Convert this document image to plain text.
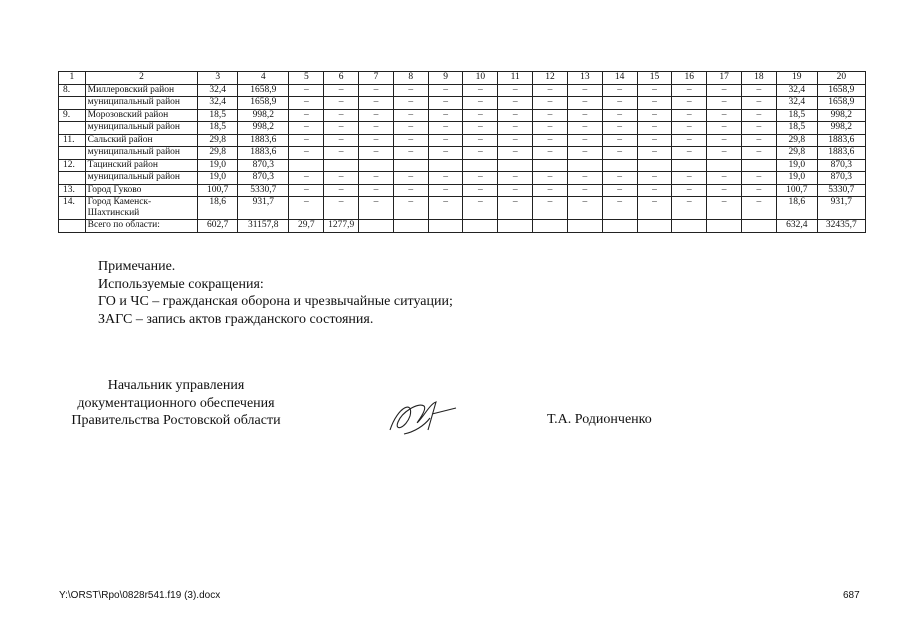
1	2	3	4	5	6	7	8	9	10	11	12	13	14	15	16	17	18	19	20
8.	Миллеровский район	32,4	1658,9	–	–	–	–	–	–	–	–	–	–	–	–	–	–	32,4	1658,9
	муниципальный район	32,4	1658,9	–	–	–	–	–	–	–	–	–	–	–	–	–	–	32,4	1658,9
9.	Морозовский район	18,5	998,2	–	–	–	–	–	–	–	–	–	–	–	–	–	–	18,5	998,2
	муниципальный район	18,5	998,2	–	–	–	–	–	–	–	–	–	–	–	–	–	–	18,5	998,2
11.	Сальский район	29,8	1883,6	–	–	–	–	–	–	–	–	–	–	–	–	–	–	29,8	1883,6
	муниципальный район	29,8	1883,6	–	–	–	–	–	–	–	–	–	–	–	–	–	–	29,8	1883,6
12.	Тацинский район	19,0	870,3															19,0	870,3
	муниципальный район	19,0	870,3	–	–	–	–	–	–	–	–	–	–	–	–	–	–	19,0	870,3
13.	Город Гуково	100,7	5330,7	–	–	–	–	–	–	–	–	–	–	–	–	–	–	100,7	5330,7
14.	Город Каменск-Шахтинский	18,6	931,7	–	–	–	–	–	–	–	–	–	–	–	–	–	–	18,6	931,7
	Всего по области:	602,7	31157,8	29,7	1277,9													632,4	32435,7
Примечание.
Используемые сокращения:
ГО и ЧС – гражданская оборона и чрезвычайные ситуации;
ЗАГС – запись актов гражданского состояния.
Начальник управления
документационного обеспечения
Правительства Ростовской области	Т.А. Родионченко
Y:\ORST\Rpo\0828r541.f19 (3).docx	687
